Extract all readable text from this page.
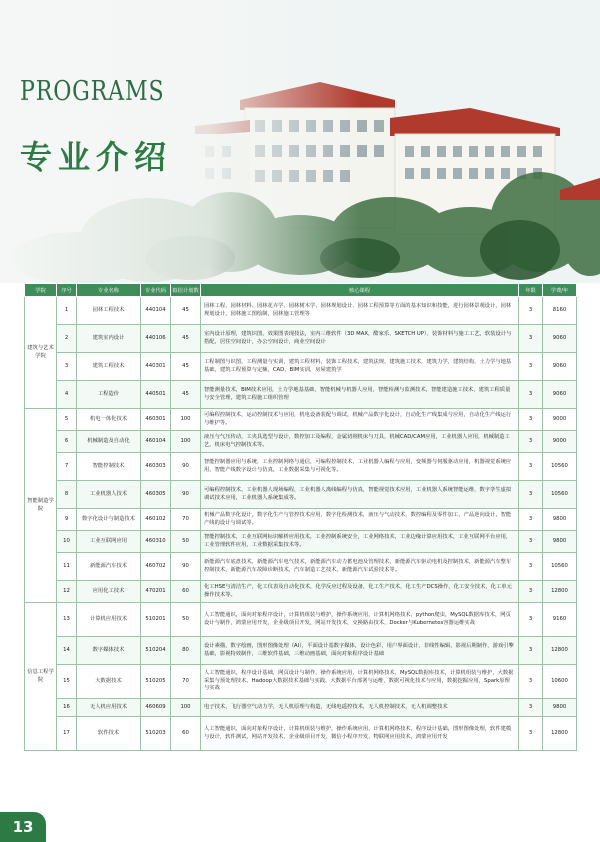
PROGRAMS
专业介绍
学院	序号	专业名称	专业代码	拟招计划数	核心课程	年限	学费/年
建筑与艺术学院	1	园林工程技术	440104	45	园林工程、园林材料、园林花卉学、园林树木学、园林规划设计、园林工程预算等方面的基本知识和技能，进行园林景观设计，园林规划设计，园林施工图绘制，园林施工管理等	3	8160
	2	建筑室内设计	440106	45	室内设计原理，建筑识图，效果图表现技法，室内三维软件（3D MAX，酷家乐、SKETCH UP）、装饰材料与施工工艺，软装设计与搭配，居住空间设计，办公空间设计，商业空间设计	3	9060
	3	建筑工程技术	440301	45	工程制图与识图，工程测量与实训，建筑工程材料，装饰工程技术，建筑法规，建筑施工技术，建筑力学，建筑结构，土力学与地基基础，建筑工程预算与定额，CAD，BIM实训，房屋建筑学	3	9060
	4	工程造价	440501	45	智能测量技术，BIM技术应用，土力学地基基础，智能机械与机器人应用，智能检测与监测技术，智能建造施工技术，建筑工程质量与安全管理，建筑工程施工组织管理	3	9060
智能制造学院	5	机电一体化技术	460301	100	可编程控制技术，运动控制技术与应用，机电设备装配与调试，机械产品数字化设计，自动化生产线集成与应用，自动化生产线运行与维护等。	3	9000
	6	机械制造及自动化	460104	100	液压与气压传动，工夹具选型与设计，数控加工及编程，金属切削机床与刀具，机械CAD/CAM应用，工业机器人应用，机械制造工艺，机床电气控制技术等。	3	9000
	7	智能控制技术	460303	90	智能控制器应用与系统，工业控制网络与通信，可编程控制技术，工业机器人编程与应用，变频器与伺服驱动应用，机器视觉系统应用，智能产线数字设计与仿真，工业数据采集与可视化等。	3	10560
	8	工业机器人技术	460305	90	可编程控制技术，工业机器人现场编程，工业机器人离线编程与仿真，智能视觉技术应用，工业机器人系统智能运维，数字孪生虚拟调试技术应用，工业机器人系统集成等。	3	10560
	9	数字化设计与制造技术	460102	70	机械产品数字化设计，数字化生产与管控技术应用，数字化检测技术，液压与气动技术，数控编程及零件加工，产品逆向设计，智能产线的设计与调试等。	3	9800
	10	工业互联网应用	460310	50	智能控制技术，工业互联网标识解析应用技术，工业控制系统安全，工业网络技术，工业边缘计算应用技术，工业互联网平台应用，工业管理软件应用，工业数据采集技术等。	3	9800
	11	新能源汽车技术	460702	90	新能源汽车底盘技术，新能源汽车电气技术，新能源汽车动力蓄电池及管理技术，新能源汽车驱动电机及控制技术，新能源汽车整车控制技术，新能源汽车故障诊断技术，汽车制造工艺技术，新能源汽车试验技术等。	3	10560
	12	应用化工技术	470201	60	化工HSE与清洁生产，化工仪表及自动化技术，化学反应过程及设备，化工生产技术，化工生产DCS操作，化工安全技术，化工单元操作技术等。	3	12800
信息工程学院	13	计算机应用技术	510201	50	人工智能通识，面向对象程序设计，计算机组装与维护，操作系统应用，计算机网络技术，python爬虫，MySQL数据库技术，网页设计与制作，鸿蒙应用开发，企业级项目开发，网站开发技术，交换路由技术，Docker与Kubernetes容器运维实战	3	9160
	14	数字媒体技术	510204	80	设计素描，数字绘画，图形图像处理（AI），平面设计基数字媒体，设计色彩，用户界面设计，非线性编辑，影视后期制作，游戏引擎基础，影视特效制作，三维软件基础，三维动画基础，面向对象程序设计基础	3	12800
	15	大数据技术	510205	70	人工智能通识，程序设计基础，网页设计与制作，操作系统应用，计算机网络技术，MySQL数据库技术，计算机组装与维护，大数据采集与预处理技术，Hadoop大数据技术基础与实践，大数据平台部署与运维，数据可视化技术与应用，数据挖掘应用，Spark原理与实战	3	10600
	16	无人机应用技术	460609	100	电子技术，飞行器空气动力学，无人机原理与构造，无线电遥控技术，无人机控制技术，无人机调整技术	3	9800
	17	软件技术	510203	60	人工智能通识，面向对象程序设计，计算机组装与维护，操作系统应用，计算机网络技术，程序设计基础，图形图像处理，软件建模与设计，软件测试，网站开发技术，企业级项目开发，微信小程序开发，物联网应用技术，鸿蒙应用开发	3	12800
13
